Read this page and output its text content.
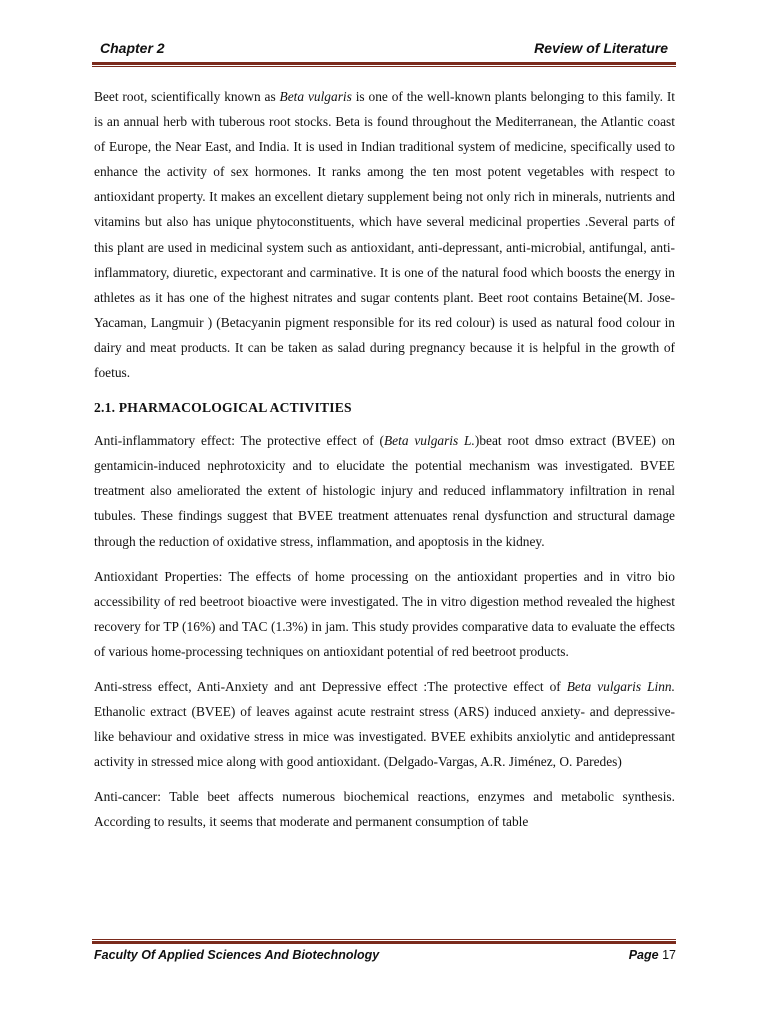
Chapter 2	Review of Literature

Beet root, scientifically known as Beta vulgaris is one of the well-known plants belonging to this family. It is an annual herb with tuberous root stocks. Beta is found throughout the Mediterranean, the Atlantic coast of Europe, the Near East, and India. It is used in Indian traditional system of medicine, specifically used to enhance the activity of sex hormones. It ranks among the ten most potent vegetables with respect to antioxidant property. It makes an excellent dietary supplement being not only rich in minerals, nutrients and vitamins but also has unique phytoconstituents, which have several medicinal properties .Several parts of this plant are used in medicinal system such as antioxidant, anti-depressant, anti-microbial, antifungal, anti-inflammatory, diuretic, expectorant and carminative. It is one of the natural food which boosts the energy in athletes as it has one of the highest nitrates and sugar contents plant. Beet root contains Betaine(M. Jose-Yacaman, Langmuir ) (Betacyanin pigment responsible for its red colour) is used as natural food colour in dairy and meat products. It can be taken as salad during pregnancy because it is helpful in the growth of foetus.

2.1. PHARMACOLOGICAL ACTIVITIES

Anti-inflammatory effect: The protective effect of (Beta vulgaris L.)beat root dmso extract (BVEE) on gentamicin-induced nephrotoxicity and to elucidate the potential mechanism was investigated. BVEE treatment also ameliorated the extent of histologic injury and reduced inflammatory infiltration in renal tubules. These findings suggest that BVEE treatment attenuates renal dysfunction and structural damage through the reduction of oxidative stress, inflammation, and apoptosis in the kidney.

Antioxidant Properties: The effects of home processing on the antioxidant properties and in vitro bio accessibility of red beetroot bioactive were investigated. The in vitro digestion method revealed the highest recovery for TP (16%) and TAC (1.3%) in jam. This study provides comparative data to evaluate the effects of various home-processing techniques on antioxidant potential of red beetroot products.

Anti-stress effect, Anti-Anxiety and ant Depressive effect :The protective effect of Beta vulgaris Linn. Ethanolic extract (BVEE) of leaves against acute restraint stress (ARS) induced anxiety- and depressive-like behaviour and oxidative stress in mice was investigated. BVEE exhibits anxiolytic and antidepressant activity in stressed mice along with good antioxidant. (Delgado-Vargas, A.R. Jiménez, O. Paredes)

Anti-cancer: Table beet affects numerous biochemical reactions, enzymes and metabolic synthesis. According to results, it seems that moderate and permanent consumption of table

Faculty Of Applied Sciences And Biotechnology	Page 17
